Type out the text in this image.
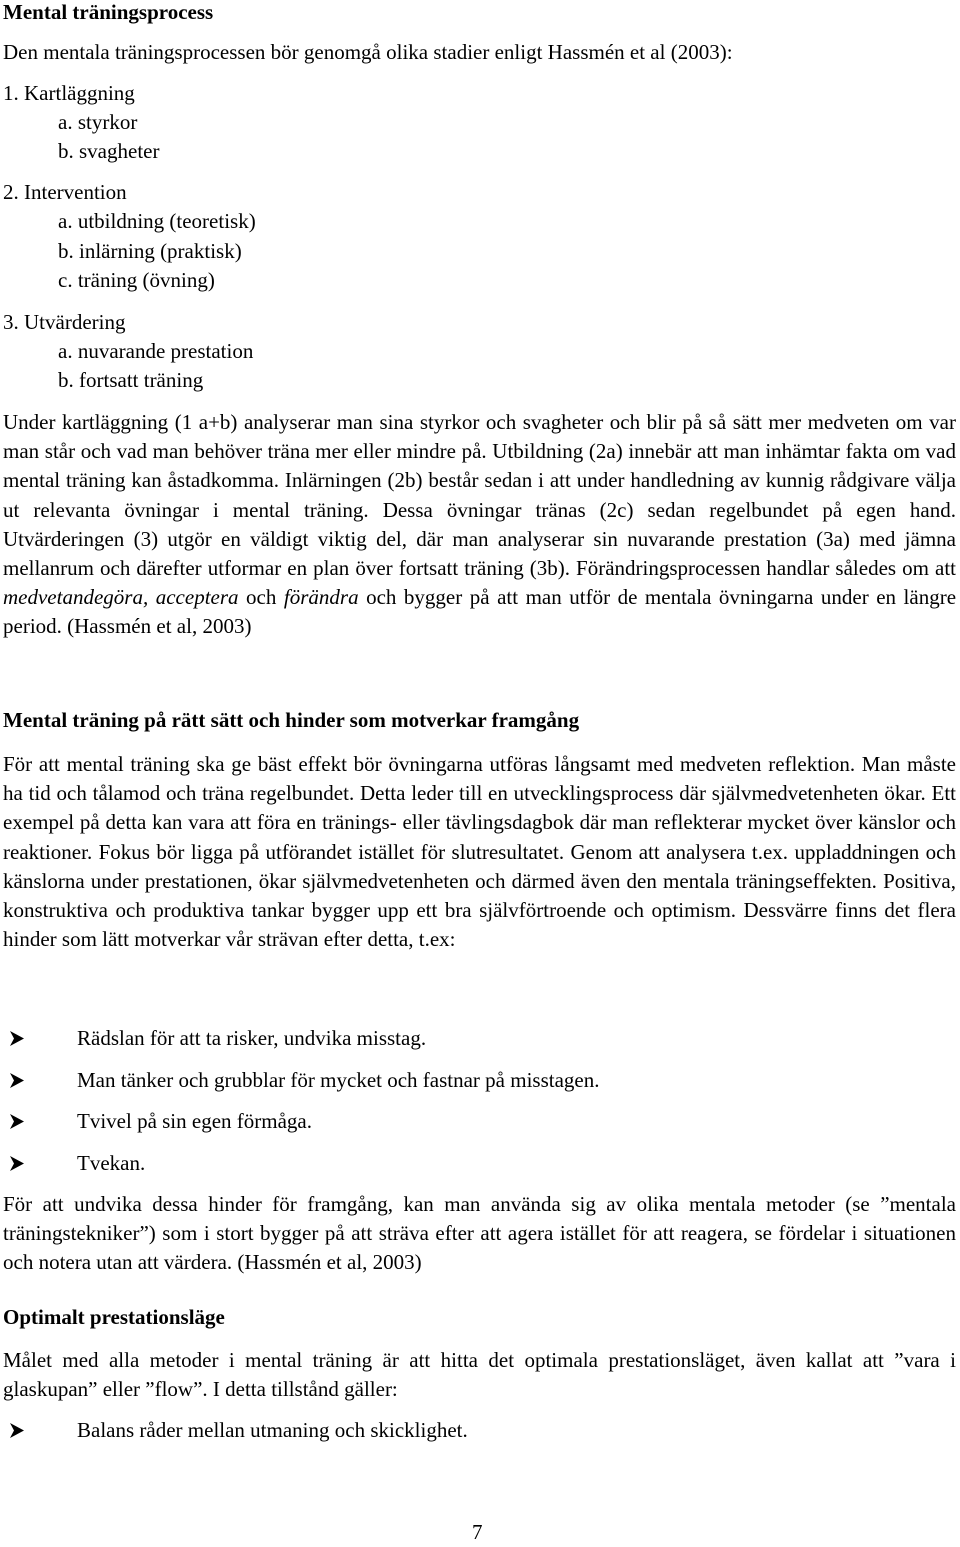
Mental träningsprocess
Den mentala träningsprocessen bör genomgå olika stadier enligt Hassmén et al (2003):
1. Kartläggning
a. styrkor
b. svagheter
2. Intervention
a. utbildning (teoretisk)
b. inlärning (praktisk)
c. träning (övning)
3. Utvärdering
a. nuvarande prestation
b. fortsatt träning

Under kartläggning (1 a+b) analyserar man sina styrkor och svagheter och blir på så sätt mer medveten om var man står och vad man behöver träna mer eller mindre på. Utbildning (2a) innebär att man inhämtar fakta om vad mental träning kan åstadkomma. Inlärningen (2b) består sedan i att under handledning av kunnig rådgivare välja ut relevanta övningar i mental träning. Dessa övningar tränas (2c) sedan regelbundet på egen hand. Utvärderingen (3) utgör en väldigt viktig del, där man analyserar sin nuvarande prestation (3a) med jämna mellanrum och därefter utformar en plan över fortsatt träning (3b). Förändringsprocessen handlar således om att medvetandegöra, acceptera och förändra och bygger på att man utför de mentala övningarna under en längre period. (Hassmén et al, 2003)

Mental träning på rätt sätt och hinder som motverkar framgång

För att mental träning ska ge bäst effekt bör övningarna utföras långsamt med medveten reflektion. Man måste ha tid och tålamod och träna regelbundet. Detta leder till en utvecklingsprocess där självmedvetenheten ökar. Ett exempel på detta kan vara att föra en tränings- eller tävlingsdagbok där man reflekterar mycket över känslor och reaktioner. Fokus bör ligga på utförandet istället för slutresultatet. Genom att analysera t.ex. uppladdningen och känslorna under prestationen, ökar självmedvetenheten och därmed även den mentala träningseffekten. Positiva, konstruktiva och produktiva tankar bygger upp ett bra självförtroende och optimism. Dessvärre finns det flera hinder som lätt motverkar vår strävan efter detta, t.ex:

Rädslan för att ta risker, undvika misstag.
Man tänker och grubblar för mycket och fastnar på misstagen.
Tvivel på sin egen förmåga.
Tvekan.

För att undvika dessa hinder för framgång, kan man använda sig av olika mentala metoder (se ”mentala träningstekniker”) som i stort bygger på att sträva efter att agera istället för att reagera, se fördelar i situationen och notera utan att värdera. (Hassmén et al, 2003)

Optimalt prestationsläge

Målet med alla metoder i mental träning är att hitta det optimala prestationsläget, även kallat att ”vara i glaskupan” eller ”flow”. I detta tillstånd gäller:

Balans råder mellan utmaning och skicklighet.
7
